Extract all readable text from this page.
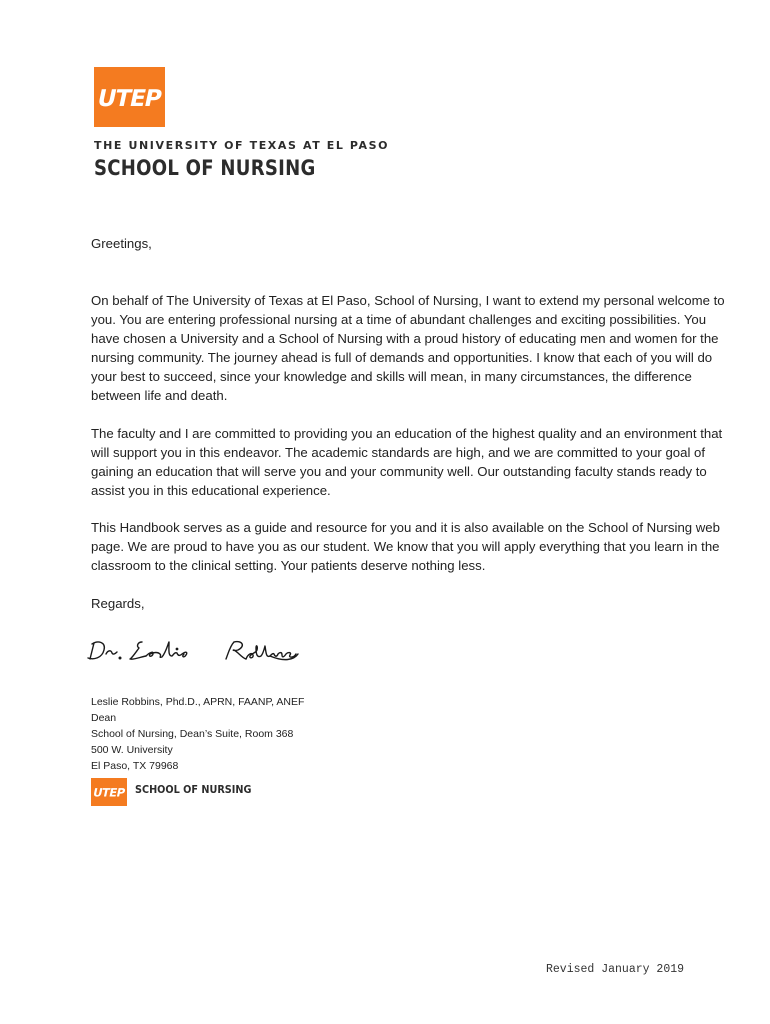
UTEP
THE UNIVERSITY OF TEXAS AT EL PASO
SCHOOL OF NURSING
Greetings,
On behalf of The University of Texas at El Paso, School of Nursing, I want to extend my personal welcome to you. You are entering professional nursing at a time of abundant challenges and exciting possibilities. You have chosen a University and a School of Nursing with a proud history of educating men and women for the nursing community. The journey ahead is full of demands and opportunities. I know that each of you will do your best to succeed, since your knowledge and skills will mean, in many circumstances, the difference between life and death.
The faculty and I are committed to providing you an education of the highest quality and an environment that will support you in this endeavor. The academic standards are high, and we are committed to your goal of gaining an education that will serve you and your community well. Our outstanding faculty stands ready to assist you in this educational experience.
This Handbook serves as a guide and resource for you and it is also available on the School of Nursing web page. We are proud to have you as our student. We know that you will apply everything that you learn in the classroom to the clinical setting. Your patients deserve nothing less.
Regards,
Leslie Robbins, Phd.D., APRN, FAANP, ANEF
Dean
School of Nursing, Dean’s Suite, Room 368
500 W. University
El Paso, TX 79968
UTEP SCHOOL OF NURSING
Revised January 2019
